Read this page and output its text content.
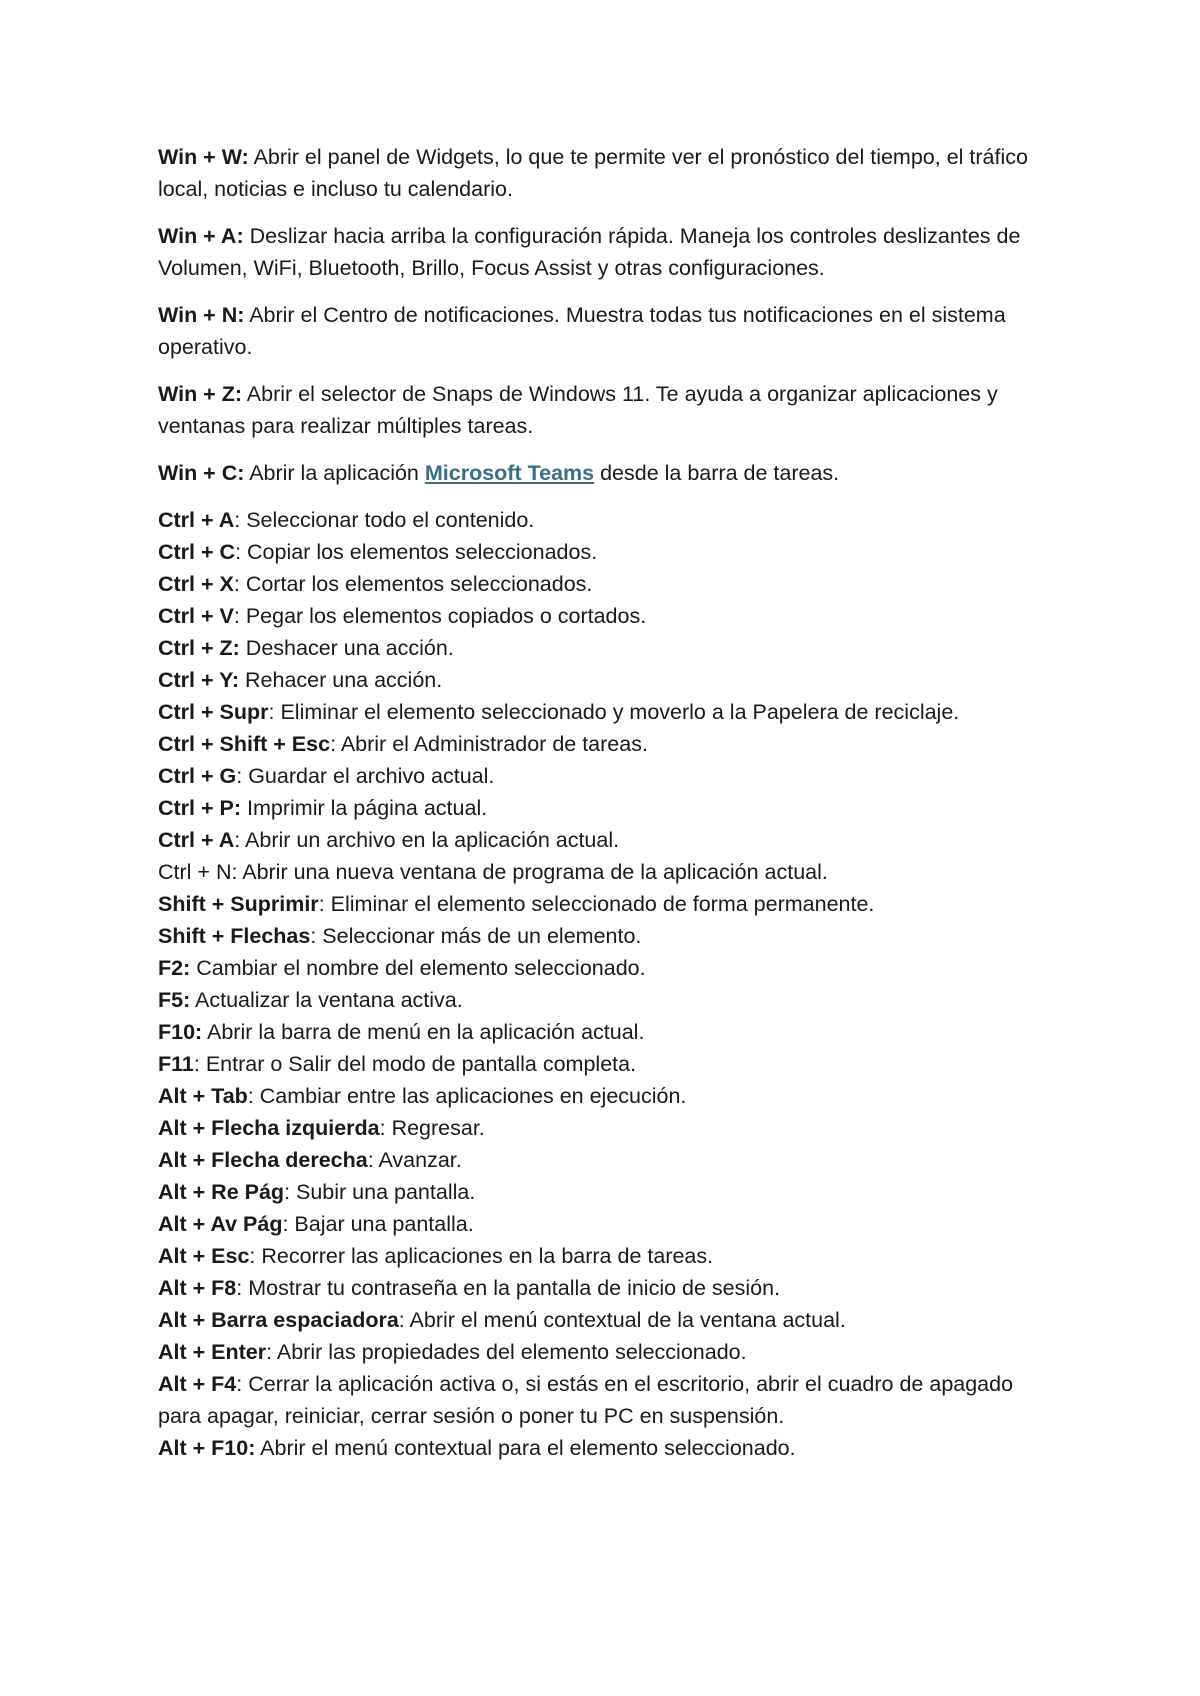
Win + W: Abrir el panel de Widgets, lo que te permite ver el pronóstico del tiempo, el tráfico local, noticias e incluso tu calendario.

Win + A: Deslizar hacia arriba la configuración rápida. Maneja los controles deslizantes de Volumen, WiFi, Bluetooth, Brillo, Focus Assist y otras configuraciones.

Win + N: Abrir el Centro de notificaciones. Muestra todas tus notificaciones en el sistema operativo.

Win + Z: Abrir el selector de Snaps de Windows 11. Te ayuda a organizar aplicaciones y ventanas para realizar múltiples tareas.

Win + C: Abrir la aplicación Microsoft Teams desde la barra de tareas.

Ctrl + A: Seleccionar todo el contenido.

Ctrl + C: Copiar los elementos seleccionados.

Ctrl + X: Cortar los elementos seleccionados.

Ctrl + V: Pegar los elementos copiados o cortados.

Ctrl + Z: Deshacer una acción.

Ctrl + Y: Rehacer una acción.

Ctrl + Supr: Eliminar el elemento seleccionado y moverlo a la Papelera de reciclaje.

Ctrl + Shift + Esc: Abrir el Administrador de tareas.

Ctrl + G: Guardar el archivo actual.

Ctrl + P: Imprimir la página actual.

Ctrl + A: Abrir un archivo en la aplicación actual.

Ctrl + N: Abrir una nueva ventana de programa de la aplicación actual.

Shift + Suprimir: Eliminar el elemento seleccionado de forma permanente.

Shift + Flechas: Seleccionar más de un elemento.

F2: Cambiar el nombre del elemento seleccionado.

F5: Actualizar la ventana activa.

F10: Abrir la barra de menú en la aplicación actual.

F11: Entrar o Salir del modo de pantalla completa.

Alt + Tab: Cambiar entre las aplicaciones en ejecución.

Alt + Flecha izquierda: Regresar.

Alt + Flecha derecha: Avanzar.

Alt + Re Pág: Subir una pantalla.

Alt + Av Pág: Bajar una pantalla.

Alt + Esc: Recorrer las aplicaciones en la barra de tareas.

Alt + F8: Mostrar tu contraseña en la pantalla de inicio de sesión.

Alt + Barra espaciadora: Abrir el menú contextual de la ventana actual.

Alt + Enter: Abrir las propiedades del elemento seleccionado.

Alt + F4: Cerrar la aplicación activa o, si estás en el escritorio, abrir el cuadro de apagado para apagar, reiniciar, cerrar sesión o poner tu PC en suspensión.

Alt + F10: Abrir el menú contextual para el elemento seleccionado.
